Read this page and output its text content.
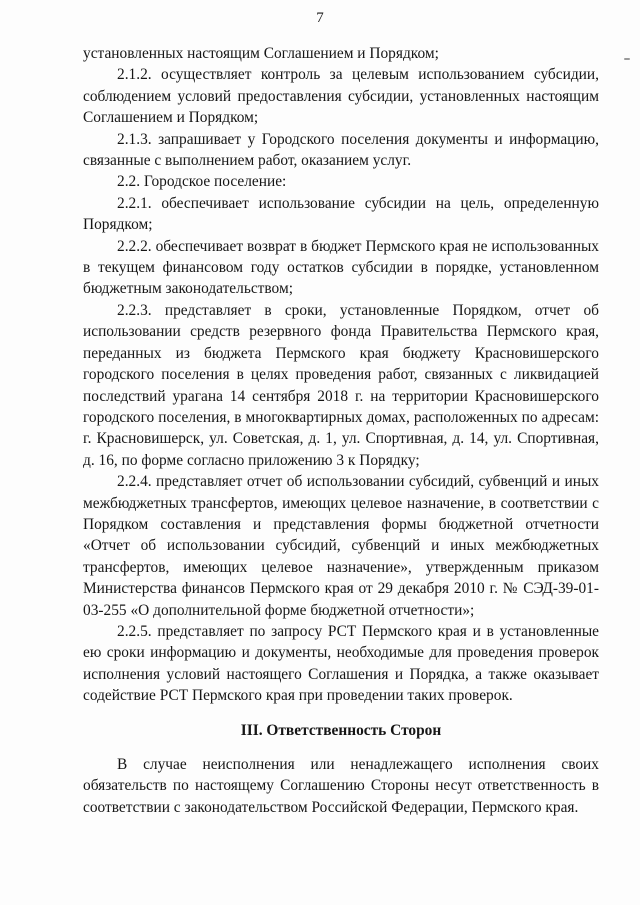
7

установленных настоящим Соглашением и Порядком;

2.1.2. осуществляет контроль за целевым использованием субсидии, соблюдением условий предоставления субсидии, установленных настоящим Соглашением и Порядком;

2.1.3. запрашивает у Городского поселения документы и информацию, связанные с выполнением работ, оказанием услуг.

2.2. Городское поселение:

2.2.1. обеспечивает использование субсидии на цель, определенную Порядком;

2.2.2. обеспечивает возврат в бюджет Пермского края не использованных в текущем финансовом году остатков субсидии в порядке, установленном бюджетным законодательством;

2.2.3. представляет в сроки, установленные Порядком, отчет об использовании средств резервного фонда Правительства Пермского края, переданных из бюджета Пермского края бюджету Красновишерского городского поселения в целях проведения работ, связанных с ликвидацией последствий урагана 14 сентября 2018 г. на территории Красновишерского городского поселения, в многоквартирных домах, расположенных по адресам: г. Красновишерск, ул. Советская, д. 1, ул. Спортивная, д. 14, ул. Спортивная, д. 16, по форме согласно приложению 3 к Порядку;

2.2.4. представляет отчет об использовании субсидий, субвенций и иных межбюджетных трансфертов, имеющих целевое назначение, в соответствии с Порядком составления и представления формы бюджетной отчетности «Отчет об использовании субсидий, субвенций и иных межбюджетных трансфертов, имеющих целевое назначение», утвержденным приказом Министерства финансов Пермского края от 29 декабря 2010 г. № СЭД-39-01-03-255 «О дополнительной форме бюджетной отчетности»;

2.2.5. представляет по запросу РСТ Пермского края и в установленные ею сроки информацию и документы, необходимые для проведения проверок исполнения условий настоящего Соглашения и Порядка, а также оказывает содействие РСТ Пермского края при проведении таких проверок.

III. Ответственность Сторон

В случае неисполнения или ненадлежащего исполнения своих обязательств по настоящему Соглашению Стороны несут ответственность в соответствии с законодательством Российской Федерации, Пермского края.
